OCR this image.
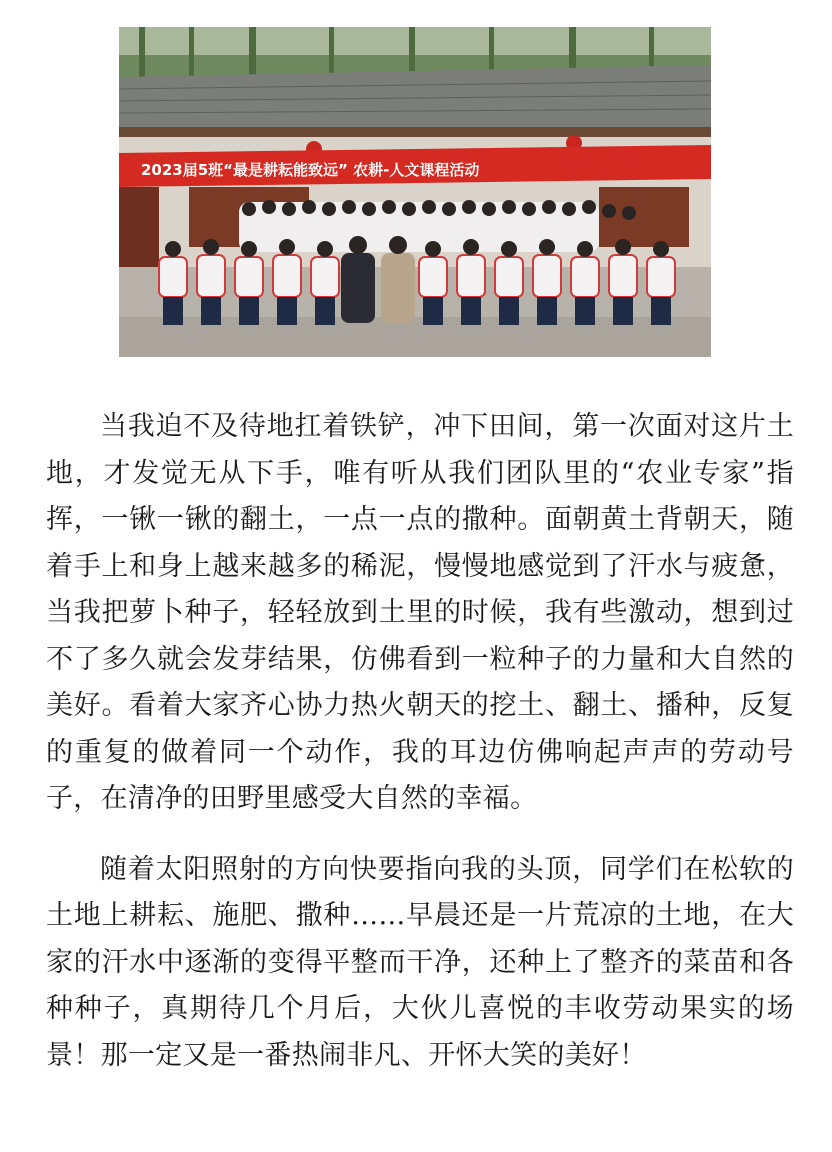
2023届5班“最是耕耘能致远” 农耕-人文课程活动

当我迫不及待地扛着铁铲，冲下田间，第一次面对这片土地，才发觉无从下手，唯有听从我们团队里的“农业专家”指挥，一锹一锹的翻土，一点一点的撒种。面朝黄土背朝天，随着手上和身上越来越多的稀泥，慢慢地感觉到了汗水与疲惫，当我把萝卜种子，轻轻放到土里的时候，我有些激动，想到过不了多久就会发芽结果，仿佛看到一粒种子的力量和大自然的美好。看着大家齐心协力热火朝天的挖土、翻土、播种，反复的重复的做着同一个动作，我的耳边仿佛响起声声的劳动号子，在清净的田野里感受大自然的幸福。

随着太阳照射的方向快要指向我的头顶，同学们在松软的土地上耕耘、施肥、撒种……早晨还是一片荒凉的土地，在大家的汗水中逐渐的变得平整而干净，还种上了整齐的菜苗和各种种子，真期待几个月后，大伙儿喜悦的丰收劳动果实的场景！那一定又是一番热闹非凡、开怀大笑的美好！
